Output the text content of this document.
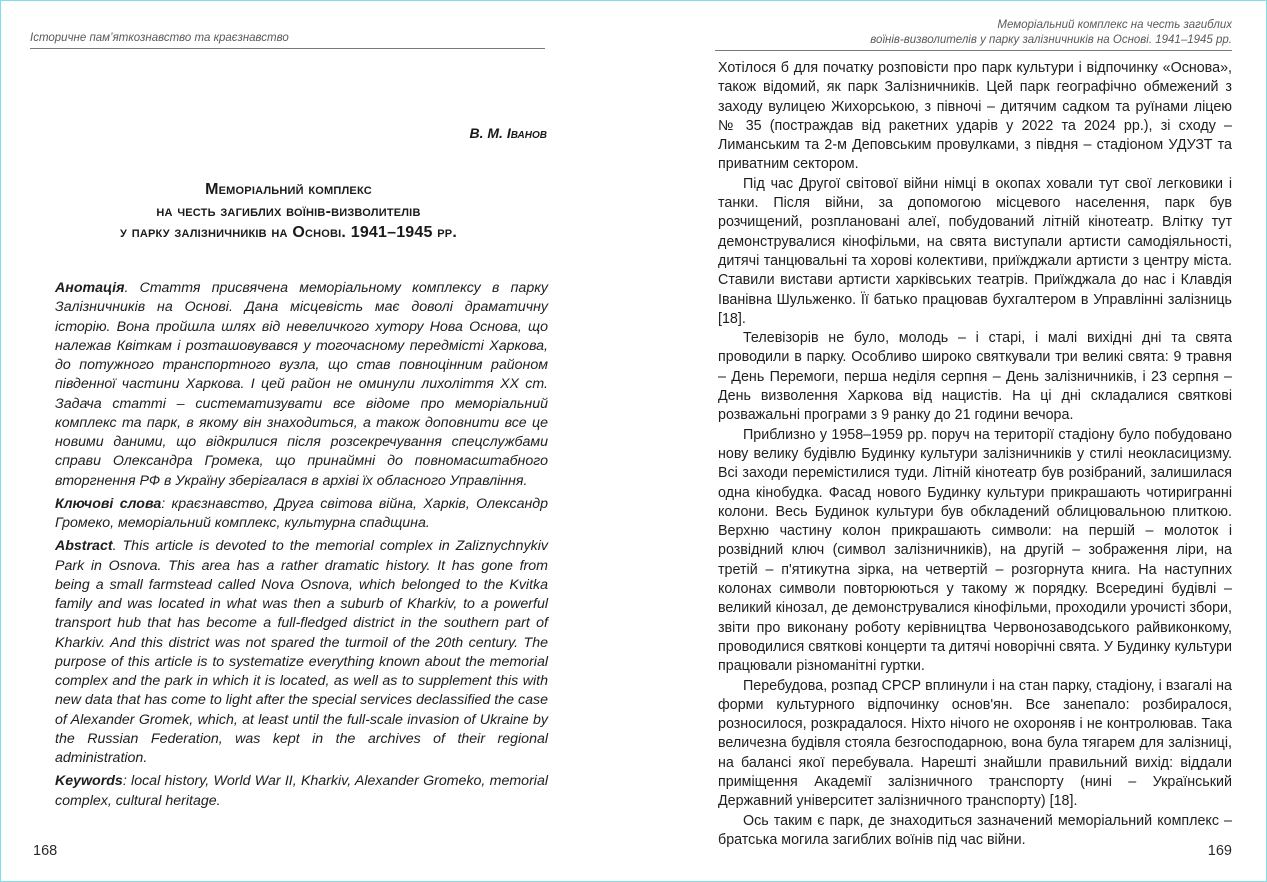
Історичне пам’яткознавство та краєзнавство
В. М. Іванов
Меморіальний комплекс
на честь загиблих воїнів-визволителів
у парку залізничників на Основі. 1941–1945 рр.

Анотація. Стаття присвячена меморіальному комплексу в парку Залізничників на Основі. Дана місцевість має доволі драматичну історію. Вона пройшла шлях від невеличкого хутору Нова Основа, що належав Квіткам і розташовувався у тогочасному передмісті Харкова, до потужного транспортного вузла, що став повноцінним районом південної частини Харкова. І цей район не оминули лихоліття XX ст. Задача статті – систематизувати все відоме про меморіальний комплекс та парк, в якому він знаходиться, а також доповнити все це новими даними, що відкрилися після розсекречування спецслужбами справи Олександра Громека, що принаймні до повномасштабного вторгнення РФ в Україну зберігалася в архіві їх обласного Управління.

Ключові слова: краєзнавство, Друга світова війна, Харків, Олександр Громеко, меморіальний комплекс, культурна спадщина.

Abstract. This article is devoted to the memorial complex in Zaliznychnykiv Park in Osnova. This area has a rather dramatic history. It has gone from being a small farmstead called Nova Osnova, which belonged to the Kvitka family and was located in what was then a suburb of Kharkiv, to a powerful transport hub that has become a full-fledged district in the southern part of Kharkiv. And this district was not spared the turmoil of the 20th century. The purpose of this article is to systematize everything known about the memorial complex and the park in which it is located, as well as to supplement this with new data that has come to light after the special services declassified the case of Alexander Gromek, which, at least until the full-scale invasion of Ukraine by the Russian Federation, was kept in the archives of their regional administration.

Keywords: local history, World War II, Kharkiv, Alexander Gromeko, memorial complex, cultural heritage.

168
Меморіальний комплекс на честь загиблих
воїнів-визволителів у парку залізничників на Основі. 1941–1945 рр.

Хотілося б для початку розповісти про парк культури і відпочинку «Основа», також відомий, як парк Залізничників. Цей парк географічно обмежений з заходу вулицею Жихорською, з півночі – дитячим садком та руїнами ліцею № 35 (постраждав від ракетних ударів у 2022 та 2024 рр.), зі сходу – Лиманським та 2-м Деповським провулками, з півдня – стадіоном УДУЗТ та приватним сектором.

Під час Другої світової війни німці в окопах ховали тут свої легковики і танки. Після війни, за допомогою місцевого населення, парк був розчищений, розплановані алеї, побудований літній кінотеатр. Влітку тут демонструвалися кінофільми, на свята виступали артисти самодіяльності, дитячі танцювальні та хорові колективи, приїжджали артисти з центру міста. Ставили вистави артисти харківських театрів. Приїжджала до нас і Клавдія Іванівна Шульженко. Її батько працював бухгалтером в Управлінні залізниць [18].

Телевізорів не було, молодь – і старі, і малі вихідні дні та свята проводили в парку. Особливо широко святкували три великі свята: 9 травня – День Перемоги, перша неділя серпня – День залізничників, і 23 серпня – День визволення Харкова від нацистів. На ці дні складалися святкові розважальні програми з 9 ранку до 21 години вечора.

Приблизно у 1958–1959 рр. поруч на території стадіону було побудовано нову велику будівлю Будинку культури залізничників у стилі неокласицизму. Всі заходи перемістилися туди. Літній кінотеатр був розібраний, залишилася одна кінобудка. Фасад нового Будинку культури прикрашають чотиригранні колони. Весь Будинок культури був обкладений облицювальною плиткою. Верхню частину колон прикрашають символи: на першій – молоток і розвідний ключ (символ залізничників), на другій – зображення ліри, на третій – п'ятикутна зірка, на четвертій – розгорнута книга. На наступних колонах символи повторюються у такому ж порядку. Всередині будівлі – великий кінозал, де демонструвалися кінофільми, проходили урочисті збори, звіти про виконану роботу керівництва Червонозаводського райвиконкому, проводилися святкові концерти та дитячі новорічні свята. У Будинку культури працювали різноманітні гуртки.

Перебудова, розпад СРСР вплинули і на стан парку, стадіону, і взагалі на форми культурного відпочинку основ'ян. Все занепало: розбиралося, розносилося, розкрадалося. Ніхто нічого не охороняв і не контролював. Така величезна будівля стояла безгосподарною, вона була тягарем для залізниці, на балансі якої перебувала. Нарешті знайшли правильний вихід: віддали приміщення Академії залізничного транспорту (нині – Український Державний університет залізничного транспорту) [18].

Ось таким є парк, де знаходиться зазначений меморіальний комплекс – братська могила загиблих воїнів під час війни.

169
